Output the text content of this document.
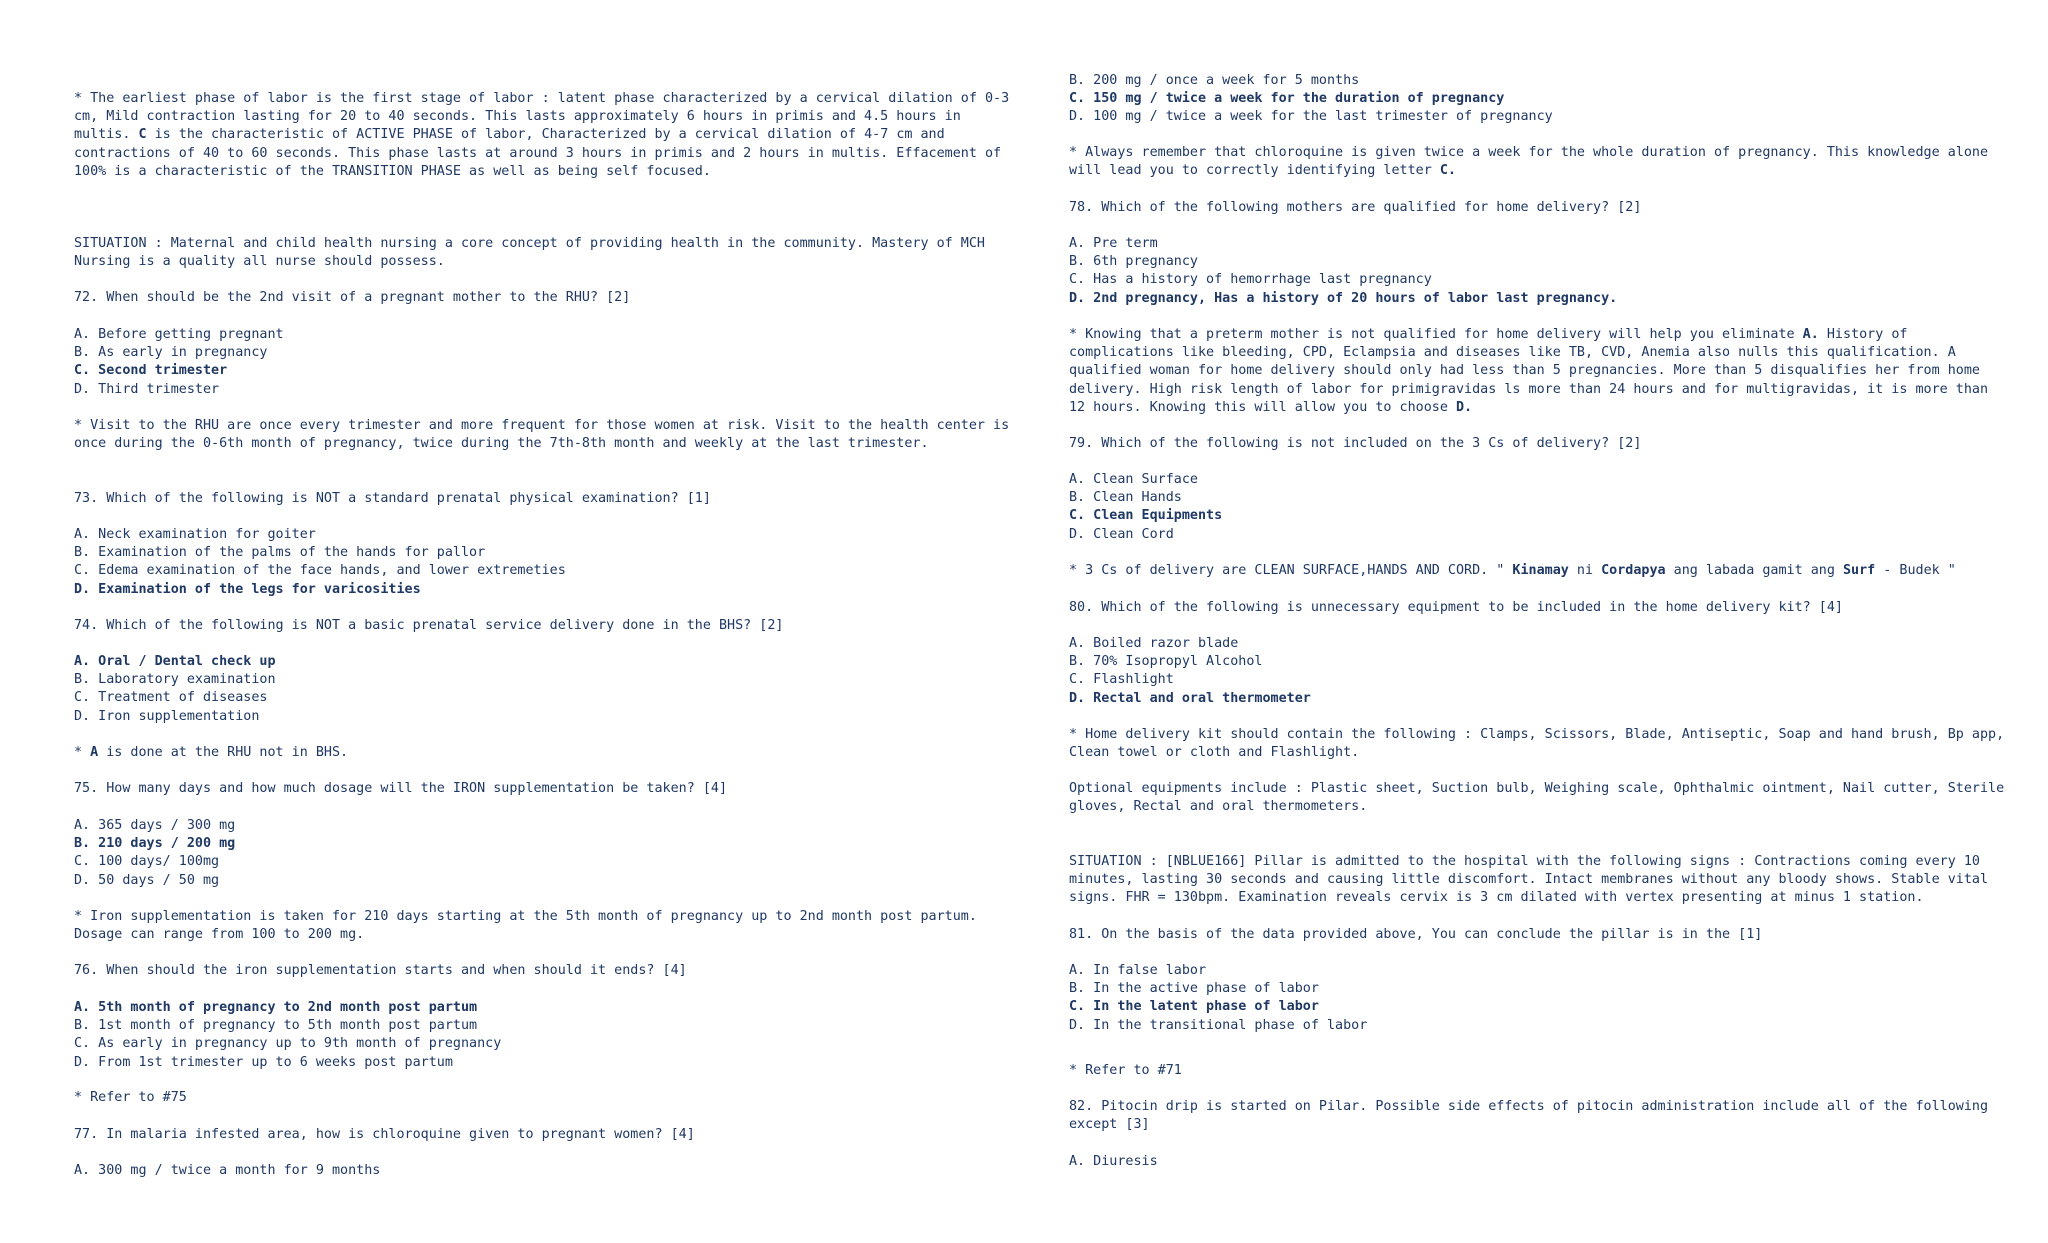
* The earliest phase of labor is the first stage of labor : latent phase characterized by a cervical dilation of 0-3
cm, Mild contraction lasting for 20 to 40 seconds. This lasts approximately 6 hours in primis and 4.5 hours in
multis. C is the characteristic of ACTIVE PHASE of labor, Characterized by a cervical dilation of 4-7 cm and
contractions of 40 to 60 seconds. This phase lasts at around 3 hours in primis and 2 hours in multis. Effacement of
100% is a characteristic of the TRANSITION PHASE as well as being self focused.
SITUATION : Maternal and child health nursing a core concept of providing health in the community. Mastery of MCH
Nursing is a quality all nurse should possess.
72. When should be the 2nd visit of a pregnant mother to the RHU? [2]
A. Before getting pregnant
B. As early in pregnancy
C. Second trimester
D. Third trimester
* Visit to the RHU are once every trimester and more frequent for those women at risk. Visit to the health center is
once during the 0-6th month of pregnancy, twice during the 7th-8th month and weekly at the last trimester.
73. Which of the following is NOT a standard prenatal physical examination? [1]
A. Neck examination for goiter
B. Examination of the palms of the hands for pallor
C. Edema examination of the face hands, and lower extremeties
D. Examination of the legs for varicosities
74. Which of the following is NOT a basic prenatal service delivery done in the BHS? [2]
A. Oral / Dental check up
B. Laboratory examination
C. Treatment of diseases
D. Iron supplementation
* A is done at the RHU not in BHS.
75. How many days and how much dosage will the IRON supplementation be taken? [4]
A. 365 days / 300 mg
B. 210 days / 200 mg
C. 100 days/ 100mg
D. 50 days / 50 mg
* Iron supplementation is taken for 210 days starting at the 5th month of pregnancy up to 2nd month post partum.
Dosage can range from 100 to 200 mg.
76. When should the iron supplementation starts and when should it ends? [4]
A. 5th month of pregnancy to 2nd month post partum
B. 1st month of pregnancy to 5th month post partum
C. As early in pregnancy up to 9th month of pregnancy
D. From 1st trimester up to 6 weeks post partum
* Refer to #75
77. In malaria infested area, how is chloroquine given to pregnant women? [4]
A. 300 mg / twice a month for 9 months
B. 200 mg / once a week for 5 months
C. 150 mg / twice a week for the duration of pregnancy
D. 100 mg / twice a week for the last trimester of pregnancy
* Always remember that chloroquine is given twice a week for the whole duration of pregnancy. This knowledge alone
will lead you to correctly identifying letter C.
78. Which of the following mothers are qualified for home delivery? [2]
A. Pre term
B. 6th pregnancy
C. Has a history of hemorrhage last pregnancy
D. 2nd pregnancy, Has a history of 20 hours of labor last pregnancy.
* Knowing that a preterm mother is not qualified for home delivery will help you eliminate A. History of
complications like bleeding, CPD, Eclampsia and diseases like TB, CVD, Anemia also nulls this qualification. A
qualified woman for home delivery should only had less than 5 pregnancies. More than 5 disqualifies her from home
delivery. High risk length of labor for primigravidas ls more than 24 hours and for multigravidas, it is more than
12 hours. Knowing this will allow you to choose D.
79. Which of the following is not included on the 3 Cs of delivery? [2]
A. Clean Surface
B. Clean Hands
C. Clean Equipments
D. Clean Cord
* 3 Cs of delivery are CLEAN SURFACE,HANDS AND CORD. " Kinamay ni Cordapya ang labada gamit ang Surf - Budek "
80. Which of the following is unnecessary equipment to be included in the home delivery kit? [4]
A. Boiled razor blade
B. 70% Isopropyl Alcohol
C. Flashlight
D. Rectal and oral thermometer
* Home delivery kit should contain the following : Clamps, Scissors, Blade, Antiseptic, Soap and hand brush, Bp app,
Clean towel or cloth and Flashlight.
Optional equipments include : Plastic sheet, Suction bulb, Weighing scale, Ophthalmic ointment, Nail cutter, Sterile
gloves, Rectal and oral thermometers.
SITUATION : [NBLUE166] Pillar is admitted to the hospital with the following signs : Contractions coming every 10
minutes, lasting 30 seconds and causing little discomfort. Intact membranes without any bloody shows. Stable vital
signs. FHR = 130bpm. Examination reveals cervix is 3 cm dilated with vertex presenting at minus 1 station.
81. On the basis of the data provided above, You can conclude the pillar is in the [1]
A. In false labor
B. In the active phase of labor
C. In the latent phase of labor
D. In the transitional phase of labor
* Refer to #71
82. Pitocin drip is started on Pilar. Possible side effects of pitocin administration include all of the following
except [3]
A. Diuresis
